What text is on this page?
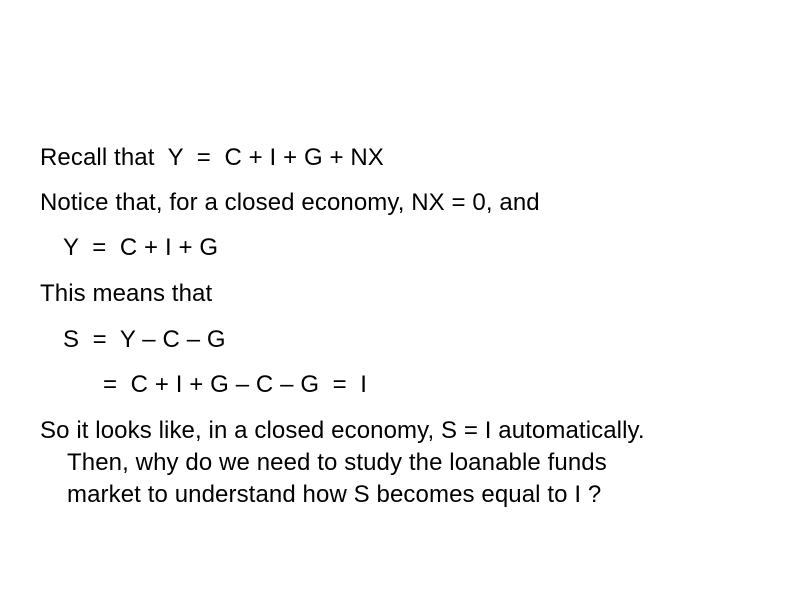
Recall that  Y  =  C + I + G + NX
Notice that, for a closed economy, NX = 0, and
Y  =  C + I + G
This means that
S  =  Y – C – G
=  C + I + G – C – G  =  I
So it looks like, in a closed economy, S = I automatically.
Then, why do we need to study the loanable funds
market to understand how S becomes equal to I ?
